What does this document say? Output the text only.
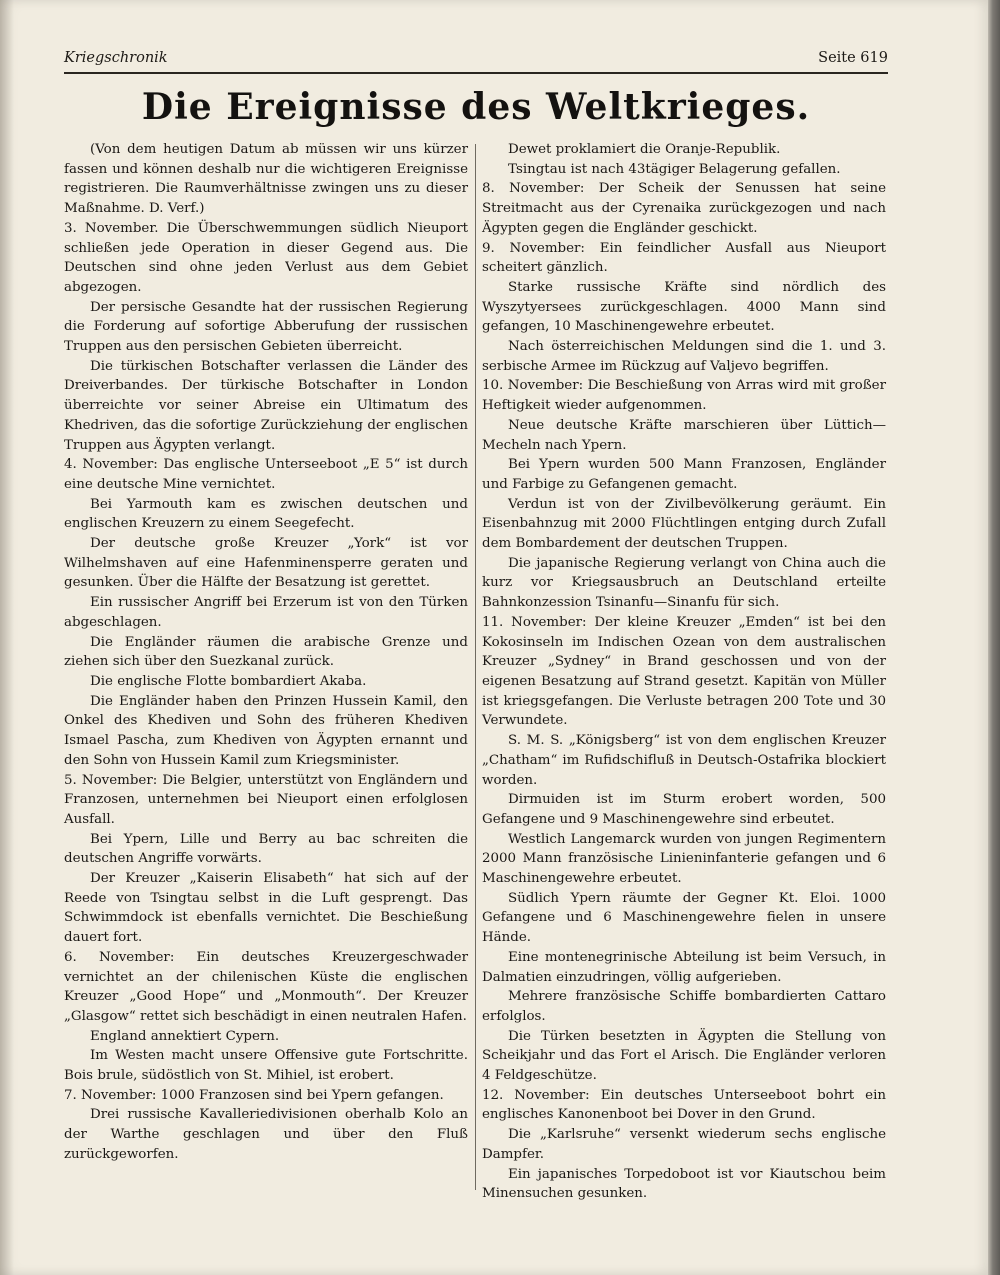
Kriegschronik	Seite 619
Die Ereignisse des Weltkrieges.

(Von dem heutigen Datum ab müssen wir uns kürzer fassen und können deshalb nur die wichtigeren Ereignisse registrieren. Die Raumverhältnisse zwingen uns zu dieser Maßnahme. D. Verf.)

3. November. Die Überschwemmungen südlich Nieuport schließen jede Operation in dieser Gegend aus. Die Deutschen sind ohne jeden Verlust aus dem Gebiet abgezogen.

Der persische Gesandte hat der russischen Regierung die Forderung auf sofortige Abberufung der russischen Truppen aus den persischen Gebieten überreicht.

Die türkischen Botschafter verlassen die Länder des Dreiverbandes. Der türkische Botschafter in London überreichte vor seiner Abreise ein Ultimatum des Khedriven, das die sofortige Zurückziehung der englischen Truppen aus Ägypten verlangt.

4. November: Das englische Unterseeboot „E 5“ ist durch eine deutsche Mine vernichtet.

Bei Yarmouth kam es zwischen deutschen und englischen Kreuzern zu einem Seegefecht.

Der deutsche große Kreuzer „York“ ist vor Wilhelmshaven auf eine Hafenminensperre geraten und gesunken. Über die Hälfte der Besatzung ist gerettet.

Ein russischer Angriff bei Erzerum ist von den Türken abgeschlagen.

Die Engländer räumen die arabische Grenze und ziehen sich über den Suezkanal zurück.

Die englische Flotte bombardiert Akaba.

Die Engländer haben den Prinzen Hussein Kamil, den Onkel des Khediven und Sohn des früheren Khediven Ismael Pascha, zum Khediven von Ägypten ernannt und den Sohn von Hussein Kamil zum Kriegsminister.

5. November: Die Belgier, unterstützt von Engländern und Franzosen, unternehmen bei Nieuport einen erfolglosen Ausfall.

Bei Ypern, Lille und Berry au bac schreiten die deutschen Angriffe vorwärts.

Der Kreuzer „Kaiserin Elisabeth“ hat sich auf der Reede von Tsingtau selbst in die Luft gesprengt. Das Schwimmdock ist ebenfalls vernichtet. Die Beschießung dauert fort.

6. November: Ein deutsches Kreuzergeschwader vernichtet an der chilenischen Küste die englischen Kreuzer „Good Hope“ und „Monmouth“. Der Kreuzer „Glasgow“ rettet sich beschädigt in einen neutralen Hafen.

England annektiert Cypern.

Im Westen macht unsere Offensive gute Fortschritte. Bois brule, südöstlich von St. Mihiel, ist erobert.

7. November: 1000 Franzosen sind bei Ypern gefangen.

Drei russische Kavalleriedivisionen oberhalb Kolo an der Warthe geschlagen und über den Fluß zurückgeworfen.

Dewet proklamiert die Oranje-Republik.

Tsingtau ist nach 43tägiger Belagerung gefallen.

8. November: Der Scheik der Senussen hat seine Streitmacht aus der Cyrenaika zurückgezogen und nach Ägypten gegen die Engländer geschickt.

9. November: Ein feindlicher Ausfall aus Nieuport scheitert gänzlich.

Starke russische Kräfte sind nördlich des Wyszytyersees zurückgeschlagen. 4000 Mann sind gefangen, 10 Maschinengewehre erbeutet.

Nach österreichischen Meldungen sind die 1. und 3. serbische Armee im Rückzug auf Valjevo begriffen.

10. November: Die Beschießung von Arras wird mit großer Heftigkeit wieder aufgenommen.

Neue deutsche Kräfte marschieren über Lüttich—Mecheln nach Ypern.

Bei Ypern wurden 500 Mann Franzosen, Engländer und Farbige zu Gefangenen gemacht.

Verdun ist von der Zivilbevölkerung geräumt. Ein Eisenbahnzug mit 2000 Flüchtlingen entging durch Zufall dem Bombardement der deutschen Truppen.

Die japanische Regierung verlangt von China auch die kurz vor Kriegsausbruch an Deutschland erteilte Bahnkonzession Tsinanfu—Sinanfu für sich.

11. November: Der kleine Kreuzer „Emden“ ist bei den Kokosinseln im Indischen Ozean von dem australischen Kreuzer „Sydney“ in Brand geschossen und von der eigenen Besatzung auf Strand gesetzt. Kapitän von Müller ist kriegsgefangen. Die Verluste betragen 200 Tote und 30 Verwundete.

S. M. S. „Königsberg“ ist von dem englischen Kreuzer „Chatham“ im Rufidschifluß in Deutsch-Ostafrika blockiert worden.

Dirmuiden ist im Sturm erobert worden, 500 Gefangene und 9 Maschinengewehre sind erbeutet.

Westlich Langemarck wurden von jungen Regimentern 2000 Mann französische Linieninfanterie gefangen und 6 Maschinengewehre erbeutet.

Südlich Ypern räumte der Gegner Kt. Eloi. 1000 Gefangene und 6 Maschinengewehre fielen in unsere Hände.

Eine montenegrinische Abteilung ist beim Versuch, in Dalmatien einzudringen, völlig aufgerieben.

Mehrere französische Schiffe bombardierten Cattaro erfolglos.

Die Türken besetzten in Ägypten die Stellung von Scheikjahr und das Fort el Arisch. Die Engländer verloren 4 Feldgeschütze.

12. November: Ein deutsches Unterseeboot bohrt ein englisches Kanonenboot bei Dover in den Grund.

Die „Karlsruhe“ versenkt wiederum sechs englische Dampfer.

Ein japanisches Torpedoboot ist vor Kiautschou beim Minensuchen gesunken.
